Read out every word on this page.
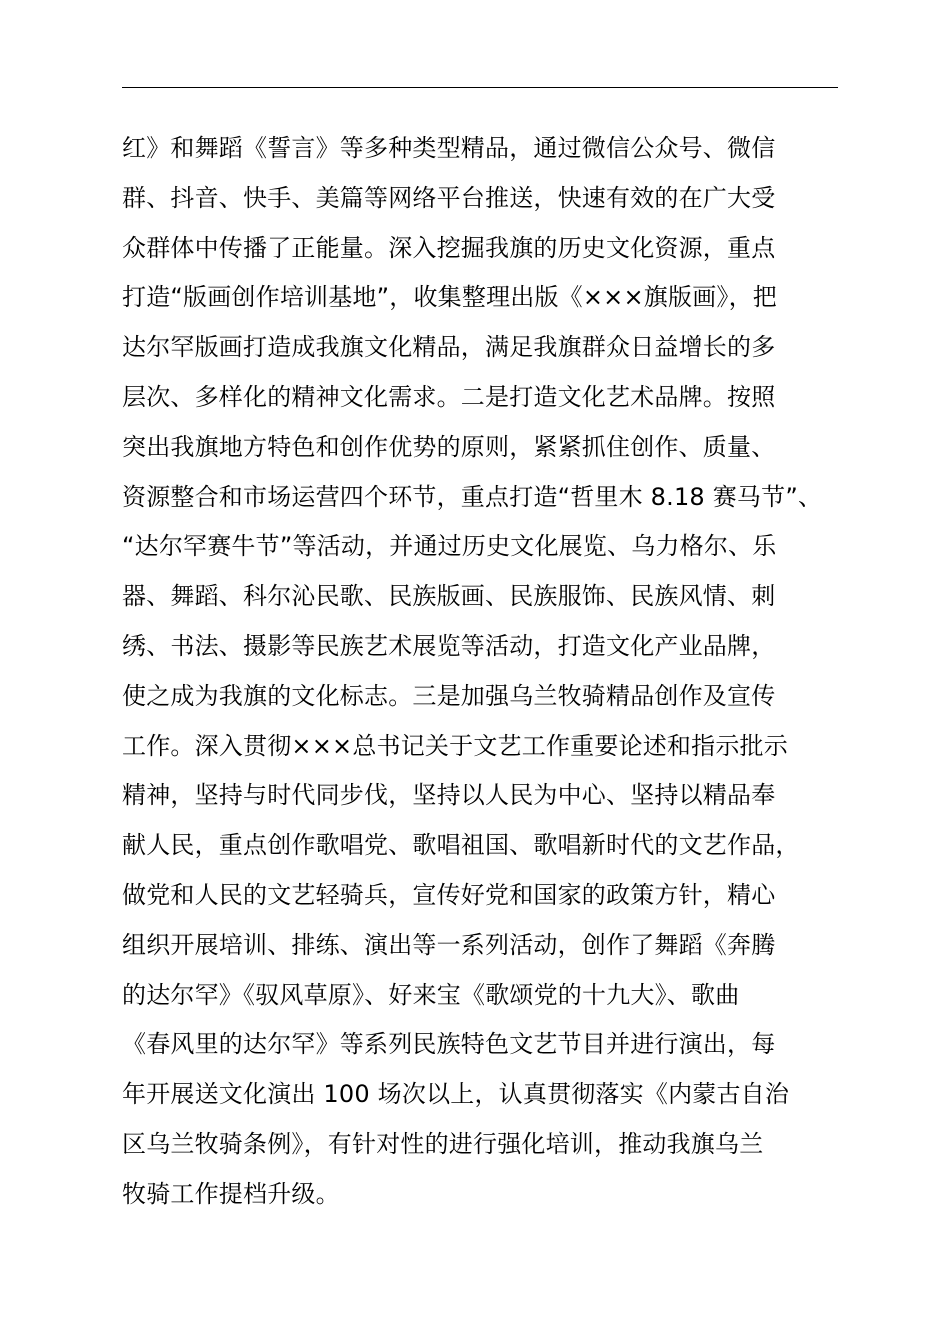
红》和舞蹈《誓言》等多种类型精品，通过微信公众号、微信
群、抖音、快手、美篇等网络平台推送，快速有效的在广大受
众群体中传播了正能量。深入挖掘我旗的历史文化资源，重点
打造“版画创作培训基地”，收集整理出版《×××旗版画》，把
达尔罕版画打造成我旗文化精品，满足我旗群众日益增长的多
层次、多样化的精神文化需求。二是打造文化艺术品牌。按照
突出我旗地方特色和创作优势的原则，紧紧抓住创作、质量、
资源整合和市场运营四个环节，重点打造“哲里木 8.18 赛马节”、
“达尔罕赛牛节”等活动，并通过历史文化展览、乌力格尔、乐
器、舞蹈、科尔沁民歌、民族版画、民族服饰、民族风情、刺
绣、书法、摄影等民族艺术展览等活动，打造文化产业品牌，
使之成为我旗的文化标志。三是加强乌兰牧骑精品创作及宣传
工作。深入贯彻×××总书记关于文艺工作重要论述和指示批示
精神，坚持与时代同步伐，坚持以人民为中心、坚持以精品奉
献人民，重点创作歌唱党、歌唱祖国、歌唱新时代的文艺作品，
做党和人民的文艺轻骑兵，宣传好党和国家的政策方针，精心
组织开展培训、排练、演出等一系列活动，创作了舞蹈《奔腾
的达尔罕》《驭风草原》、好来宝《歌颂党的十九大》、歌曲
《春风里的达尔罕》等系列民族特色文艺节目并进行演出，每
年开展送文化演出 100 场次以上，认真贯彻落实《内蒙古自治
区乌兰牧骑条例》，有针对性的进行强化培训，推动我旗乌兰
牧骑工作提档升级。
